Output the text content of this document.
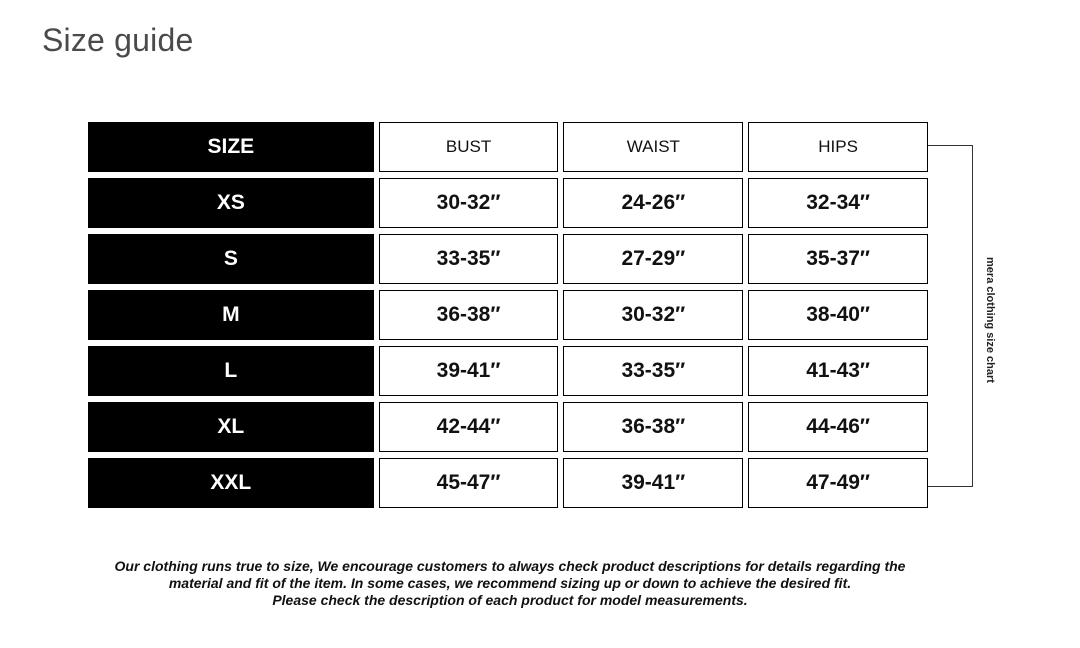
Size guide
SIZE	BUST	WAIST	HIPS
XS	30-32″	24-26″	32-34″
S	33-35″	27-29″	35-37″
M	36-38″	30-32″	38-40″
L	39-41″	33-35″	41-43″
XL	42-44″	36-38″	44-46″
XXL	45-47″	39-41″	47-49″
mera clothing size chart
Our clothing runs true to size, We encourage customers to always check product descriptions for details regarding the
material and fit of the item. In some cases, we recommend sizing up or down to achieve the desired fit.
Please check the description of each product for model measurements.
